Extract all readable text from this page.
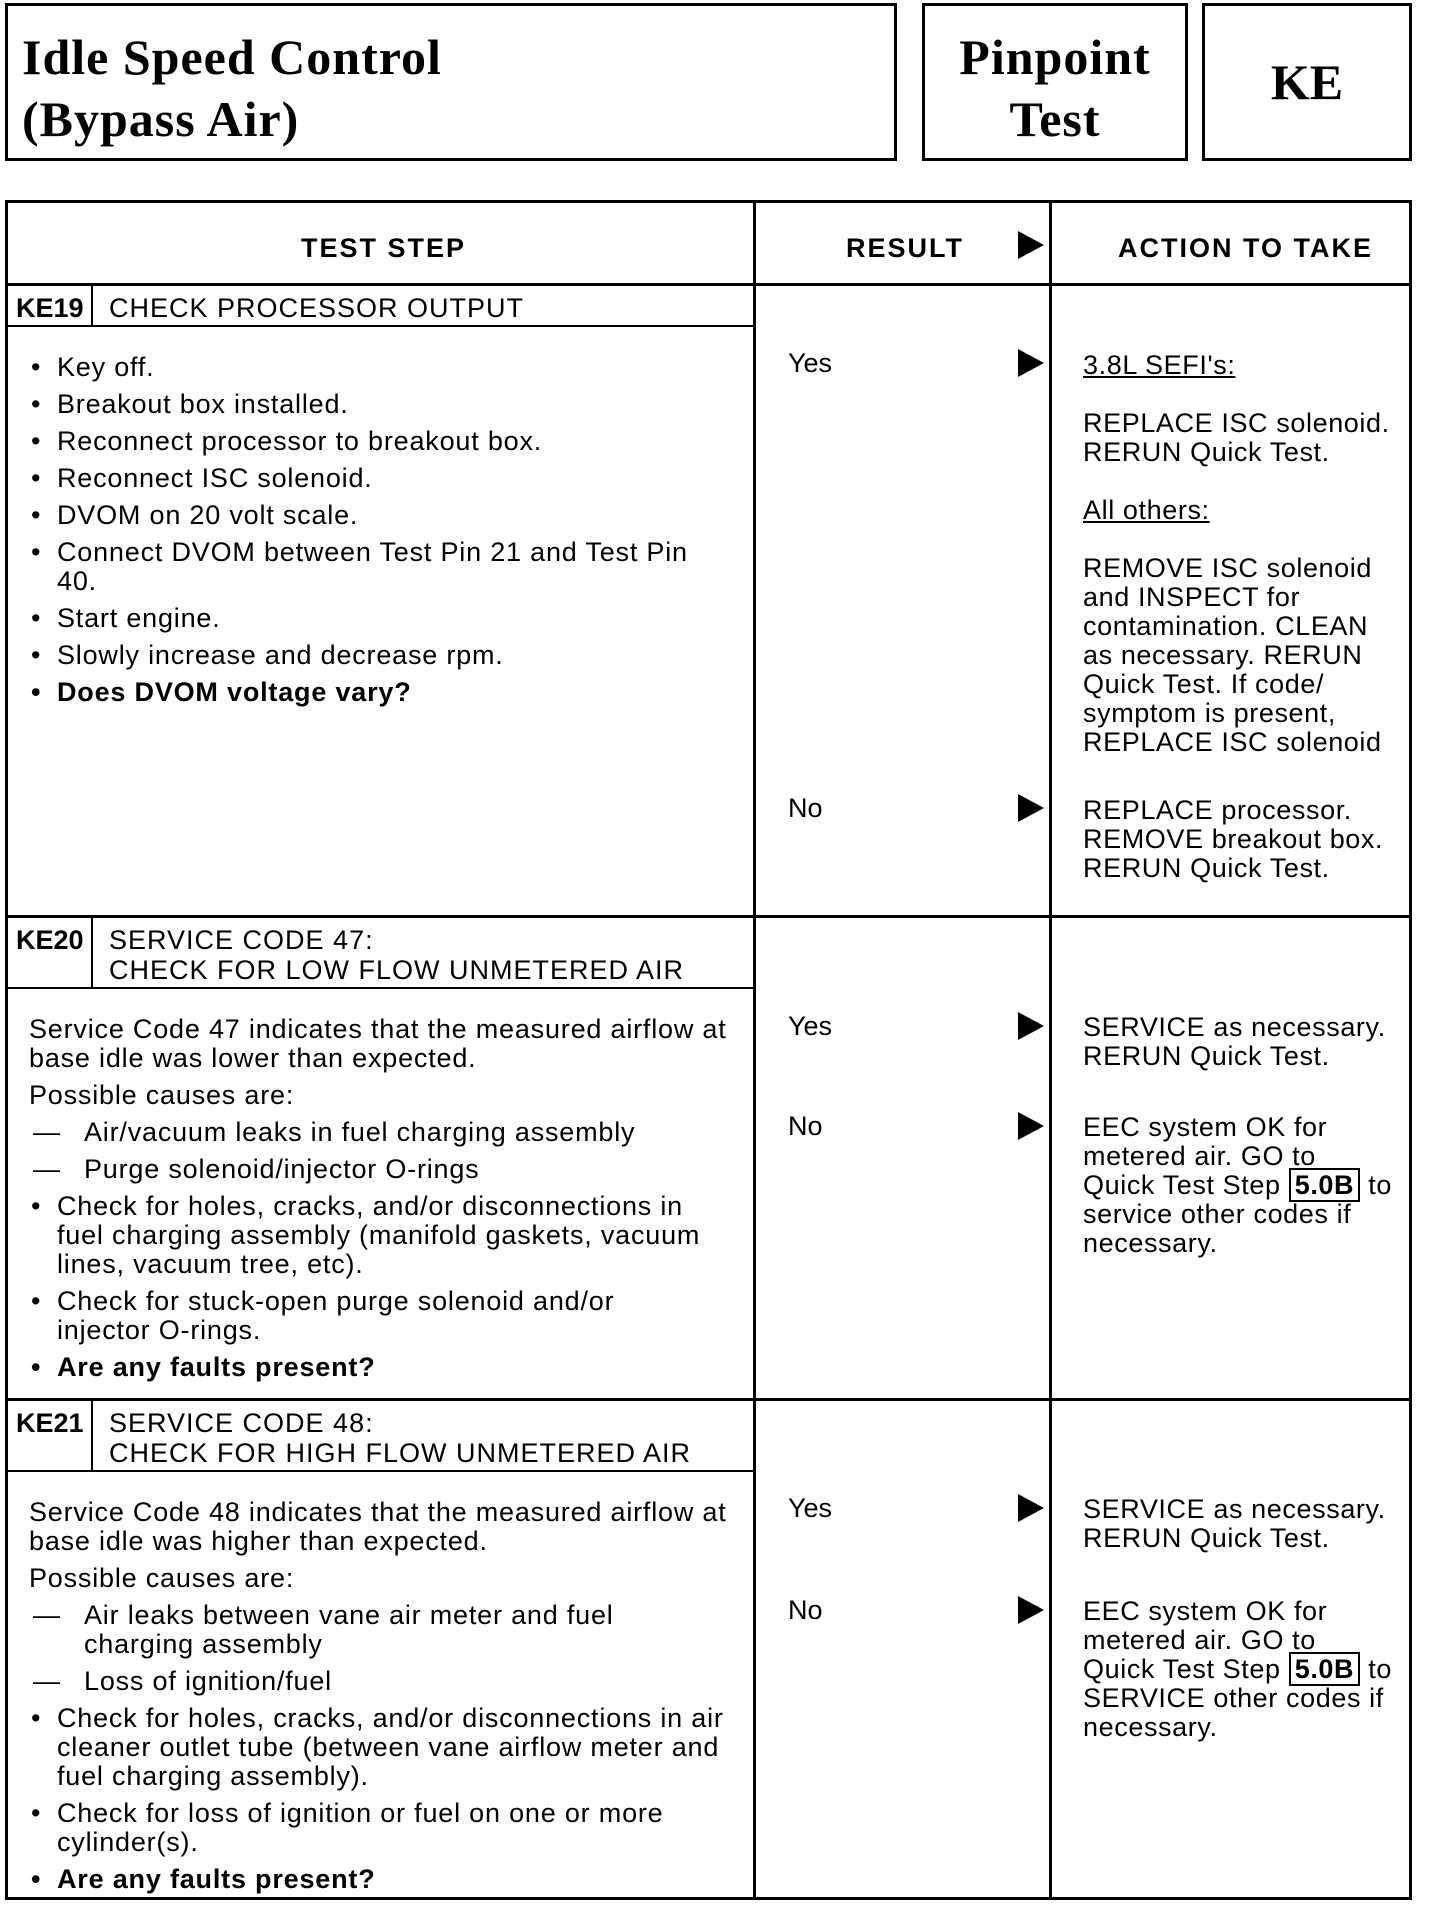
Idle Speed Control
(Bypass Air)
Pinpoint
Test
KE
TEST STEP	RESULT	ACTION TO TAKE
KE19 CHECK PROCESSOR OUTPUT
• Key off.
• Breakout box installed.
• Reconnect processor to breakout box.
• Reconnect ISC solenoid.
• DVOM on 20 volt scale.
• Connect DVOM between Test Pin 21 and Test Pin 40.
• Start engine.
• Slowly increase and decrease rpm.
• Does DVOM voltage vary?
Yes	3.8L SEFI's:
REPLACE ISC solenoid. RERUN Quick Test.
All others:
REMOVE ISC solenoid and INSPECT for contamination. CLEAN as necessary. RERUN Quick Test. If code/ symptom is present, REPLACE ISC solenoid
No	REPLACE processor. REMOVE breakout box. RERUN Quick Test.
KE20 SERVICE CODE 47:
CHECK FOR LOW FLOW UNMETERED AIR
Service Code 47 indicates that the measured airflow at base idle was lower than expected.
Possible causes are:
— Air/vacuum leaks in fuel charging assembly
— Purge solenoid/injector O-rings
• Check for holes, cracks, and/or disconnections in fuel charging assembly (manifold gaskets, vacuum lines, vacuum tree, etc).
• Check for stuck-open purge solenoid and/or injector O-rings.
• Are any faults present?
Yes	SERVICE as necessary. RERUN Quick Test.
No	EEC system OK for metered air. GO to Quick Test Step 5.0B to service other codes if necessary.
KE21 SERVICE CODE 48:
CHECK FOR HIGH FLOW UNMETERED AIR
Service Code 48 indicates that the measured airflow at base idle was higher than expected.
Possible causes are:
— Air leaks between vane air meter and fuel charging assembly
— Loss of ignition/fuel
• Check for holes, cracks, and/or disconnections in air cleaner outlet tube (between vane airflow meter and fuel charging assembly).
• Check for loss of ignition or fuel on one or more cylinder(s).
• Are any faults present?
Yes	SERVICE as necessary. RERUN Quick Test.
No	EEC system OK for metered air. GO to Quick Test Step 5.0B to SERVICE other codes if necessary.
